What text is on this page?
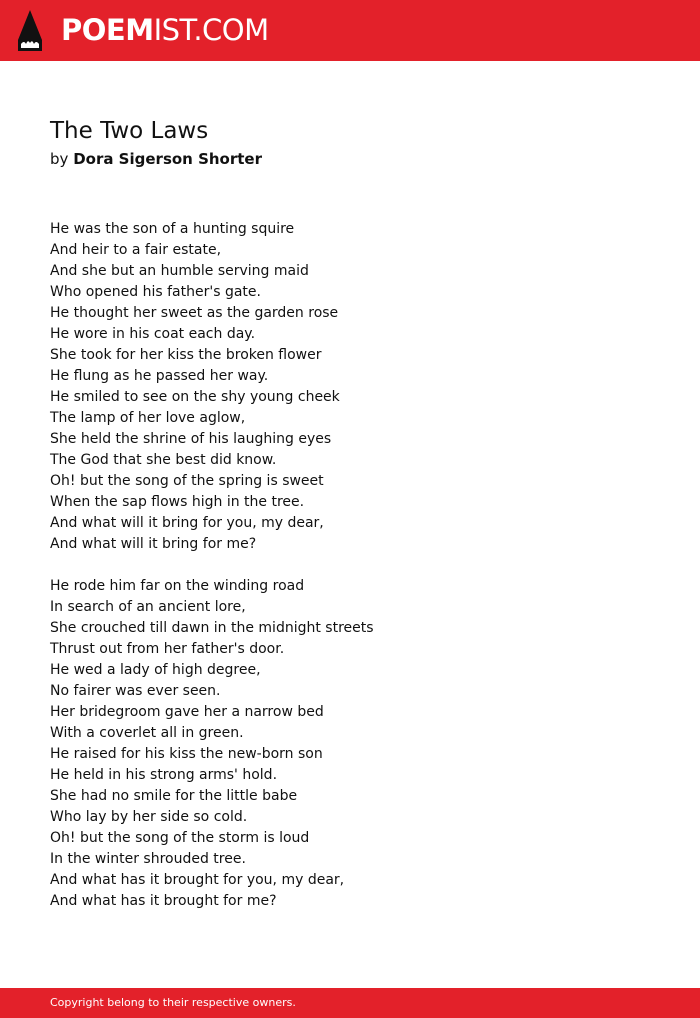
POEMIST.COM
The Two Laws
by Dora Sigerson Shorter
He was the son of a hunting squire
And heir to a fair estate,
And she but an humble serving maid
Who opened his father's gate.
He thought her sweet as the garden rose
He wore in his coat each day.
She took for her kiss the broken flower
He flung as he passed her way.
He smiled to see on the shy young cheek
The lamp of her love aglow,
She held the shrine of his laughing eyes
The God that she best did know.
Oh! but the song of the spring is sweet
When the sap flows high in the tree.
And what will it bring for you, my dear,
And what will it bring for me?
He rode him far on the winding road
In search of an ancient lore,
She crouched till dawn in the midnight streets
Thrust out from her father's door.
He wed a lady of high degree,
No fairer was ever seen.
Her bridegroom gave her a narrow bed
With a coverlet all in green.
He raised for his kiss the new-born son
He held in his strong arms' hold.
She had no smile for the little babe
Who lay by her side so cold.
Oh! but the song of the storm is loud
In the winter shrouded tree.
And what has it brought for you, my dear,
And what has it brought for me?
Copyright belong to their respective owners.
